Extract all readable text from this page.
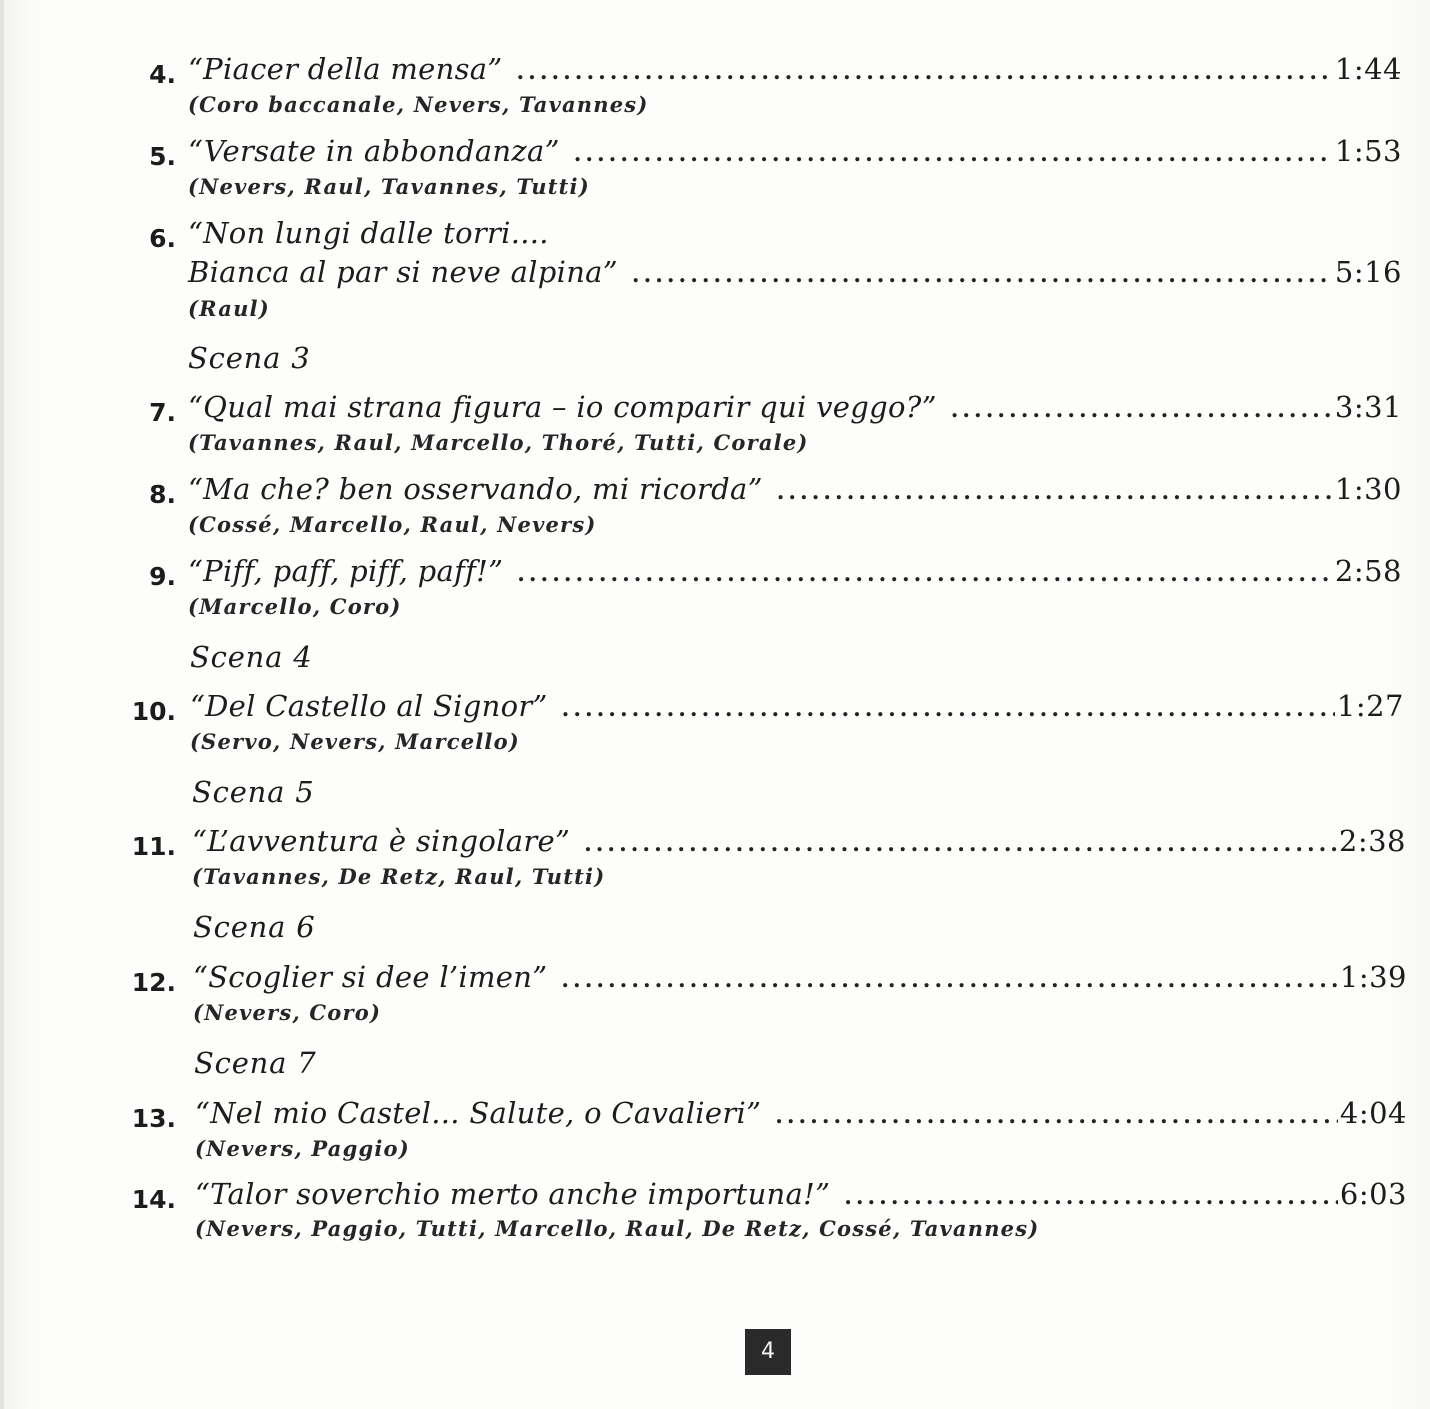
4. “Piacer della mensa” .....	1:44
(Coro baccanale, Nevers, Tavannes)
5. “Versate in abbondanza” .....	1:53
(Nevers, Raul, Tavannes, Tutti)
6. “Non lungi dalle torri....
Bianca al par si neve alpina” .....	5:16
(Raul)
Scena 3
7. “Qual mai strana figura – io comparir qui veggo?” .....	3:31
(Tavannes, Raul, Marcello, Thoré, Tutti, Corale)
8. “Ma che? ben osservando, mi ricorda” .....	1:30
(Cossé, Marcello, Raul, Nevers)
9. “Piff, paff, piff, paff!” .....	2:58
(Marcello, Coro)
Scena 4
10. “Del Castello al Signor” .....	1:27
(Servo, Nevers, Marcello)
Scena 5
11. “L’avventura è singolare” .....	2:38
(Tavannes, De Retz, Raul, Tutti)
Scena 6
12. “Scoglier si dee l’imen” .....	1:39
(Nevers, Coro)
Scena 7
13. “Nel mio Castel... Salute, o Cavalieri” .....	4:04
(Nevers, Paggio)
14. “Talor soverchio merto anche importuna!” .....	6:03
(Nevers, Paggio, Tutti, Marcello, Raul, De Retz, Cossé, Tavannes)
4
